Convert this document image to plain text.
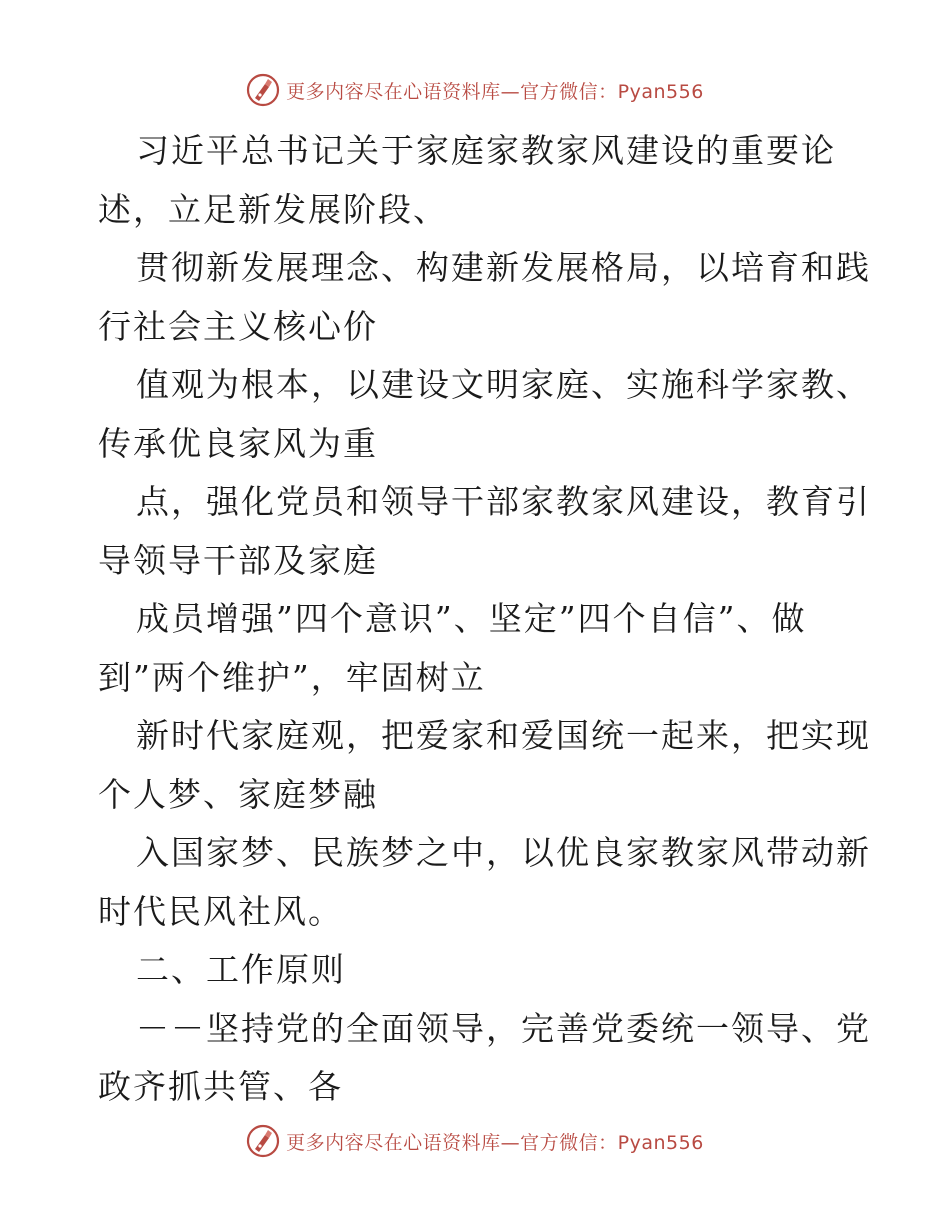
更多内容尽在心语资料库—官方微信：Pyan556
习近平总书记关于家庭家教家风建设的重要论
述，立足新发展阶段、
贯彻新发展理念、构建新发展格局，以培育和践
行社会主义核心价
值观为根本，以建设文明家庭、实施科学家教、
传承优良家风为重
点，强化党员和领导干部家教家风建设，教育引
导领导干部及家庭
成员增强”四个意识”、坚定”四个自信”、做
到”两个维护”，牢固树立
新时代家庭观，把爱家和爱国统一起来，把实现
个人梦、家庭梦融
入国家梦、民族梦之中，以优良家教家风带动新
时代民风社风。
二、工作原则
－－坚持党的全面领导，完善党委统一领导、党
政齐抓共管、各
更多内容尽在心语资料库—官方微信：Pyan556
